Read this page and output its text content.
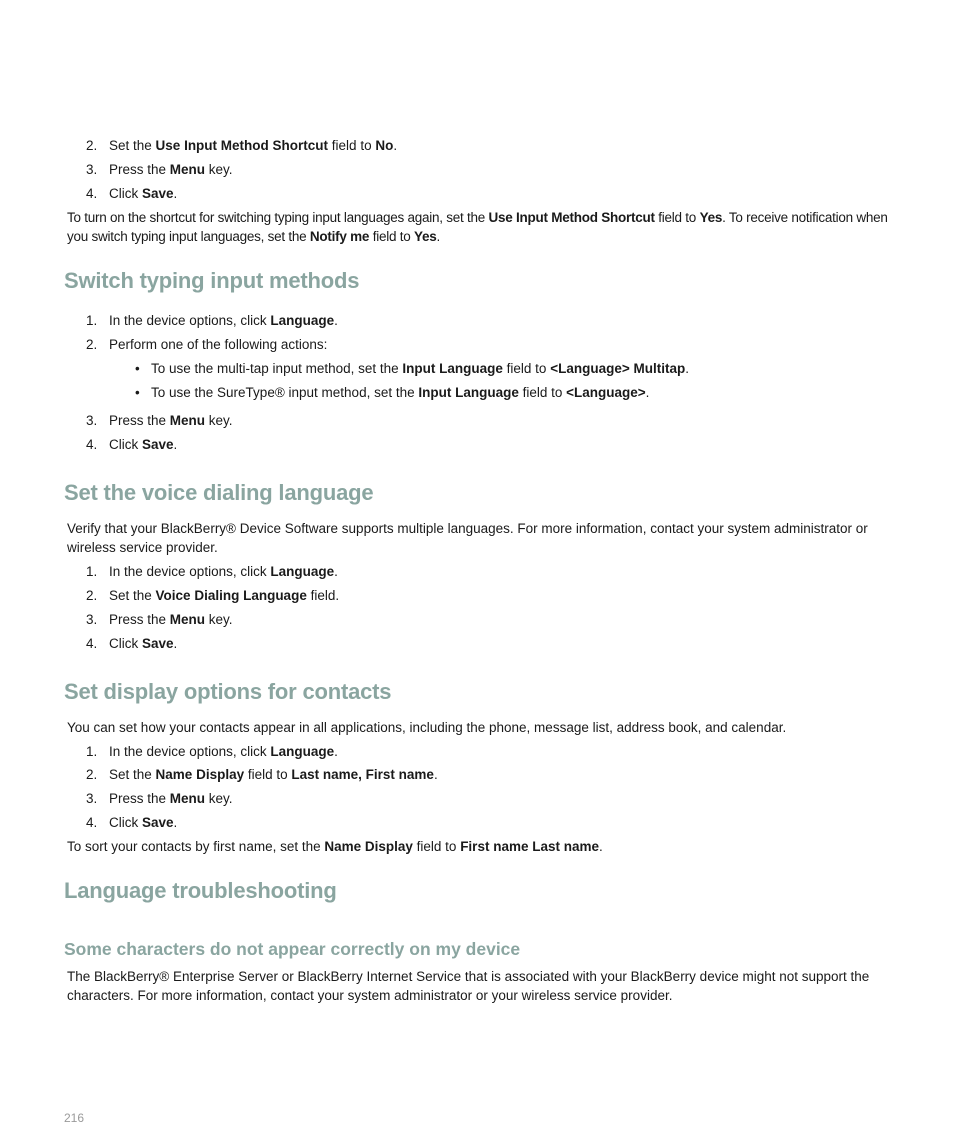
2. Set the Use Input Method Shortcut field to No.
3. Press the Menu key.
4. Click Save.
To turn on the shortcut for switching typing input languages again, set the Use Input Method Shortcut field to Yes. To receive notification when you switch typing input languages, set the Notify me field to Yes.
Switch typing input methods
1. In the device options, click Language.
2. Perform one of the following actions:
• To use the multi-tap input method, set the Input Language field to <Language> Multitap.
• To use the SureType® input method, set the Input Language field to <Language>.
3. Press the Menu key.
4. Click Save.
Set the voice dialing language
Verify that your BlackBerry® Device Software supports multiple languages. For more information, contact your system administrator or wireless service provider.
1. In the device options, click Language.
2. Set the Voice Dialing Language field.
3. Press the Menu key.
4. Click Save.
Set display options for contacts
You can set how your contacts appear in all applications, including the phone, message list, address book, and calendar.
1. In the device options, click Language.
2. Set the Name Display field to Last name, First name.
3. Press the Menu key.
4. Click Save.
To sort your contacts by first name, set the Name Display field to First name Last name.
Language troubleshooting
Some characters do not appear correctly on my device
The BlackBerry® Enterprise Server or BlackBerry Internet Service that is associated with your BlackBerry device might not support the characters. For more information, contact your system administrator or your wireless service provider.
216
